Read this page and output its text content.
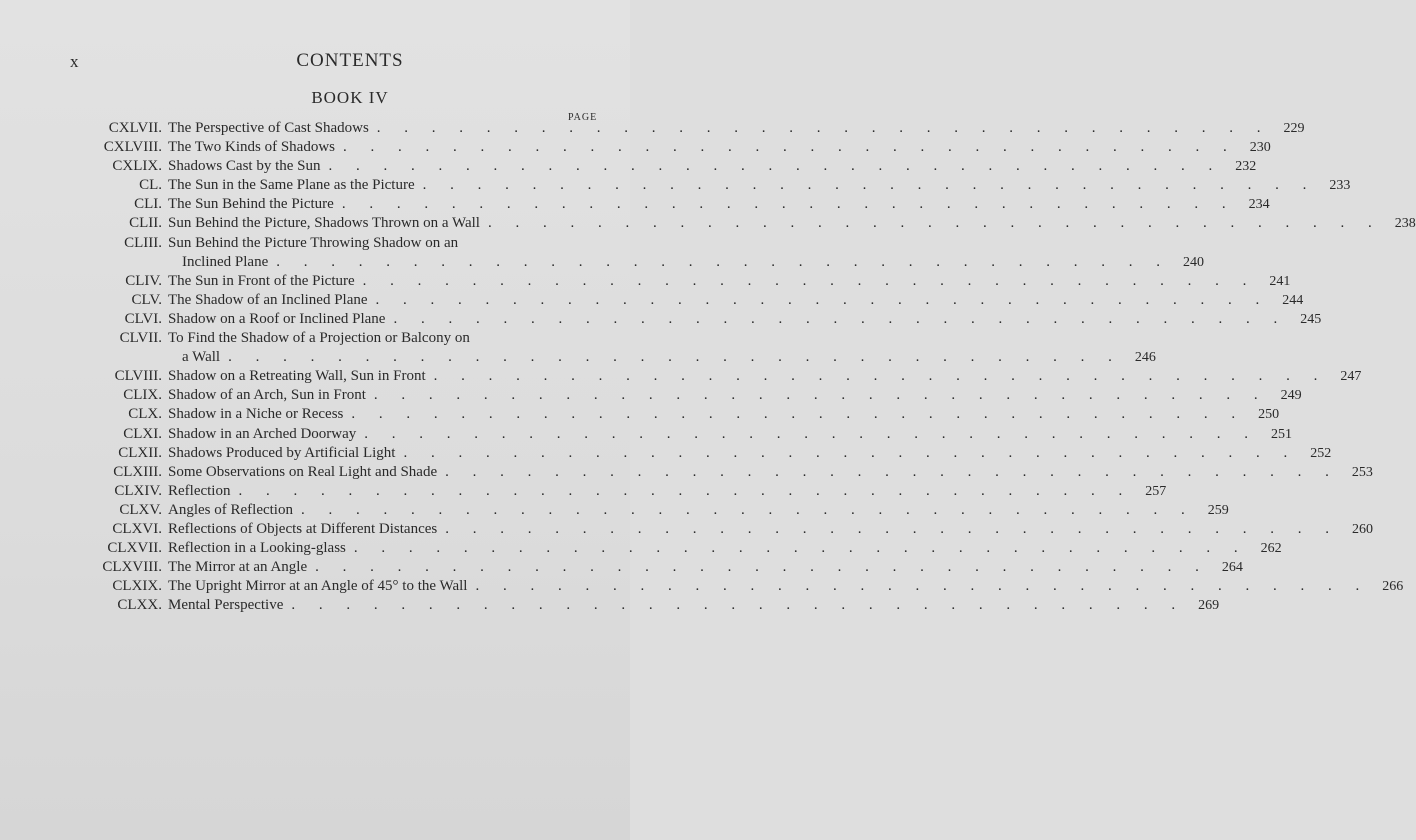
x	CONTENTS
BOOK IV
PAGE
CXLVII. The Perspective of Cast Shadows . . . . . . . . . . . . . . . . . . . . . . . . . . . . . . . . . 229
CXLVIII. The Two Kinds of Shadows . . . . . . . . . . . . . . . . . . . . . . . . . . . . . . . . . 230
CXLIX. Shadows Cast by the Sun . . . . . . . . . . . . . . . . . . . . . . . . . . . . . . . . . 232
CL. The Sun in the Same Plane as the Picture . . . . . . . . . . . . . . . . . . . . . . . . . . . . . . . . . 233
CLI. The Sun Behind the Picture . . . . . . . . . . . . . . . . . . . . . . . . . . . . . . . . . 234
CLII. Sun Behind the Picture, Shadows Thrown on a Wall . . . . . . . . . . . . . . . . . . . . . . . . . . . . . . . . . 238
CLIII. Sun Behind the Picture Throwing Shadow on an
Inclined Plane . . . . . . . . . . . . . . . . . . . . . . . . . . . . . . . . . 240
CLIV. The Sun in Front of the Picture . . . . . . . . . . . . . . . . . . . . . . . . . . . . . . . . . 241
CLV. The Shadow of an Inclined Plane . . . . . . . . . . . . . . . . . . . . . . . . . . . . . . . . . 244
CLVI. Shadow on a Roof or Inclined Plane . . . . . . . . . . . . . . . . . . . . . . . . . . . . . . . . . 245
CLVII. To Find the Shadow of a Projection or Balcony on
a Wall . . . . . . . . . . . . . . . . . . . . . . . . . . . . . . . . . 246
CLVIII. Shadow on a Retreating Wall, Sun in Front . . . . . . . . . . . . . . . . . . . . . . . . . . . . . . . . . 247
CLIX. Shadow of an Arch, Sun in Front . . . . . . . . . . . . . . . . . . . . . . . . . . . . . . . . . 249
CLX. Shadow in a Niche or Recess . . . . . . . . . . . . . . . . . . . . . . . . . . . . . . . . . 250
CLXI. Shadow in an Arched Doorway . . . . . . . . . . . . . . . . . . . . . . . . . . . . . . . . . 251
CLXII. Shadows Produced by Artificial Light . . . . . . . . . . . . . . . . . . . . . . . . . . . . . . . . . 252
CLXIII. Some Observations on Real Light and Shade . . . . . . . . . . . . . . . . . . . . . . . . . . . . . . . . . 253
CLXIV. Reflection . . . . . . . . . . . . . . . . . . . . . . . . . . . . . . . . . 257
CLXV. Angles of Reflection . . . . . . . . . . . . . . . . . . . . . . . . . . . . . . . . . 259
CLXVI. Reflections of Objects at Different Distances . . . . . . . . . . . . . . . . . . . . . . . . . . . . . . . . . 260
CLXVII. Reflection in a Looking-glass . . . . . . . . . . . . . . . . . . . . . . . . . . . . . . . . . 262
CLXVIII. The Mirror at an Angle . . . . . . . . . . . . . . . . . . . . . . . . . . . . . . . . . 264
CLXIX. The Upright Mirror at an Angle of 45° to the Wall . . . . . . . . . . . . . . . . . . . . . . . . . . . . . . . . . 266
CLXX. Mental Perspective . . . . . . . . . . . . . . . . . . . . . . . . . . . . . . . . . 269
